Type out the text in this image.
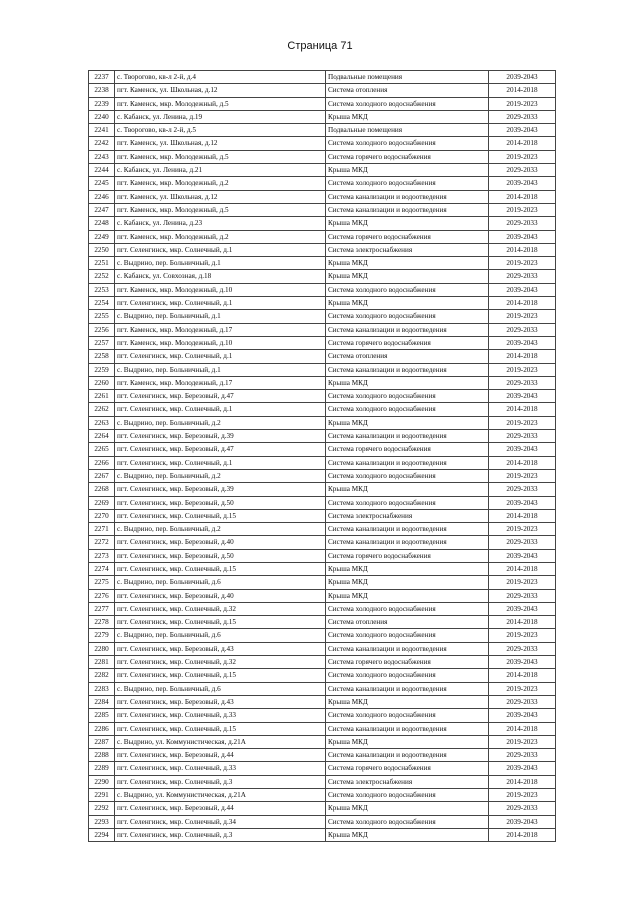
Страница 71
2237	с. Творогово, кв-л 2-й, д.4	Подвальные помещения	2039-2043
2238	пгт. Каменск, ул. Школьная, д.12	Система отопления	2014-2018
2239	пгт. Каменск, мкр. Молодежный, д.5	Система холодного водоснабжения	2019-2023
2240	с. Кабанск, ул. Ленина, д.19	Крыша МКД	2029-2033
2241	с. Творогово, кв-л 2-й, д.5	Подвальные помещения	2039-2043
2242	пгт. Каменск, ул. Школьная, д.12	Система холодного водоснабжения	2014-2018
2243	пгт. Каменск, мкр. Молодежный, д.5	Система горячего водоснабжения	2019-2023
2244	с. Кабанск, ул. Ленина, д.21	Крыша МКД	2029-2033
2245	пгт. Каменск, мкр. Молодежный, д.2	Система холодного водоснабжения	2039-2043
2246	пгт. Каменск, ул. Школьная, д.12	Система канализации и водоотведения	2014-2018
2247	пгт. Каменск, мкр. Молодежный, д.5	Система канализации и водоотведения	2019-2023
2248	с. Кабанск, ул. Ленина, д.23	Крыша МКД	2029-2033
2249	пгт. Каменск, мкр. Молодежный, д.2	Система горячего водоснабжения	2039-2043
2250	пгт. Селенгинск, мкр. Солнечный, д.1	Система электроснабжения	2014-2018
2251	с. Выдрино, пер. Больничный, д.1	Крыша МКД	2019-2023
2252	с. Кабанск, ул. Совхозная, д.18	Крыша МКД	2029-2033
2253	пгт. Каменск, мкр. Молодежный, д.10	Система холодного водоснабжения	2039-2043
2254	пгт. Селенгинск, мкр. Солнечный, д.1	Крыша МКД	2014-2018
2255	с. Выдрино, пер. Больничный, д.1	Система холодного водоснабжения	2019-2023
2256	пгт. Каменск, мкр. Молодежный, д.17	Система канализации и водоотведения	2029-2033
2257	пгт. Каменск, мкр. Молодежный, д.10	Система горячего водоснабжения	2039-2043
2258	пгт. Селенгинск, мкр. Солнечный, д.1	Система отопления	2014-2018
2259	с. Выдрино, пер. Больничный, д.1	Система канализации и водоотведения	2019-2023
2260	пгт. Каменск, мкр. Молодежный, д.17	Крыша МКД	2029-2033
2261	пгт. Селенгинск, мкр. Березовый, д.47	Система холодного водоснабжения	2039-2043
2262	пгт. Селенгинск, мкр. Солнечный, д.1	Система холодного водоснабжения	2014-2018
2263	с. Выдрино, пер. Больничный, д.2	Крыша МКД	2019-2023
2264	пгт. Селенгинск, мкр. Березовый, д.39	Система канализации и водоотведения	2029-2033
2265	пгт. Селенгинск, мкр. Березовый, д.47	Система горячего водоснабжения	2039-2043
2266	пгт. Селенгинск, мкр. Солнечный, д.1	Система канализации и водоотведения	2014-2018
2267	с. Выдрино, пер. Больничный, д.2	Система холодного водоснабжения	2019-2023
2268	пгт. Селенгинск, мкр. Березовый, д.39	Крыша МКД	2029-2033
2269	пгт. Селенгинск, мкр. Березовый, д.50	Система холодного водоснабжения	2039-2043
2270	пгт. Селенгинск, мкр. Солнечный, д.15	Система электроснабжения	2014-2018
2271	с. Выдрино, пер. Больничный, д.2	Система канализации и водоотведения	2019-2023
2272	пгт. Селенгинск, мкр. Березовый, д.40	Система канализации и водоотведения	2029-2033
2273	пгт. Селенгинск, мкр. Березовый, д.50	Система горячего водоснабжения	2039-2043
2274	пгт. Селенгинск, мкр. Солнечный, д.15	Крыша МКД	2014-2018
2275	с. Выдрино, пер. Больничный, д.6	Крыша МКД	2019-2023
2276	пгт. Селенгинск, мкр. Березовый, д.40	Крыша МКД	2029-2033
2277	пгт. Селенгинск, мкр. Солнечный, д.32	Система холодного водоснабжения	2039-2043
2278	пгт. Селенгинск, мкр. Солнечный, д.15	Система отопления	2014-2018
2279	с. Выдрино, пер. Больничный, д.6	Система холодного водоснабжения	2019-2023
2280	пгт. Селенгинск, мкр. Березовый, д.43	Система канализации и водоотведения	2029-2033
2281	пгт. Селенгинск, мкр. Солнечный, д.32	Система горячего водоснабжения	2039-2043
2282	пгт. Селенгинск, мкр. Солнечный, д.15	Система холодного водоснабжения	2014-2018
2283	с. Выдрино, пер. Больничный, д.6	Система канализации и водоотведения	2019-2023
2284	пгт. Селенгинск, мкр. Березовый, д.43	Крыша МКД	2029-2033
2285	пгт. Селенгинск, мкр. Солнечный, д.33	Система холодного водоснабжения	2039-2043
2286	пгт. Селенгинск, мкр. Солнечный, д.15	Система канализации и водоотведения	2014-2018
2287	с. Выдрино, ул. Коммунистическая, д.21А	Крыша МКД	2019-2023
2288	пгт. Селенгинск, мкр. Березовый, д.44	Система канализации и водоотведения	2029-2033
2289	пгт. Селенгинск, мкр. Солнечный, д.33	Система горячего водоснабжения	2039-2043
2290	пгт. Селенгинск, мкр. Солнечный, д.3	Система электроснабжения	2014-2018
2291	с. Выдрино, ул. Коммунистическая, д.21А	Система холодного водоснабжения	2019-2023
2292	пгт. Селенгинск, мкр. Березовый, д.44	Крыша МКД	2029-2033
2293	пгт. Селенгинск, мкр. Солнечный, д.34	Система холодного водоснабжения	2039-2043
2294	пгт. Селенгинск, мкр. Солнечный, д.3	Крыша МКД	2014-2018
